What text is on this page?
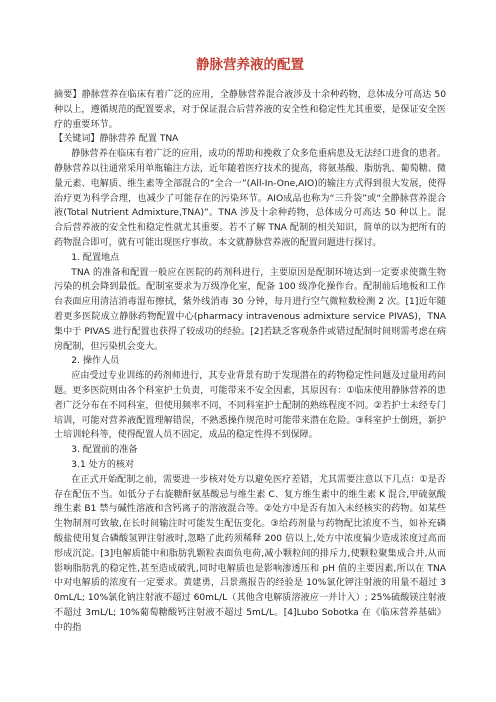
静脉营养液的配置

摘要】静脉营养在临床有着广泛的应用，全静脉营养混合液涉及十余种药物，总体成分可高达 50 种以上，遵循规范的配置要求，对于保证混合后营养液的安全性和稳定性尤其重要，是保证安全医疗的重要环节。

【关键词】静脉营养 配置 TNA

静脉营养在临床有着广泛的应用，成功的帮助和挽救了众多危重病患及无法经口进食的患者。静脉营养以往通常采用单瓶输注方法，近年随着医疗技术的提高，将氨基酸、脂肪乳、葡萄糖、微量元素、电解质、维生素等全部混合的“全合一”(All-In-One,AIO)的输注方式得到很大发展，使得治疗更为科学合理，也减少了可能存在的污染环节。AIO成品也称为“三升袋”或“全静脉营养混合液(Total Nutrient Admixture,TNA)”。TNA 涉及十余种药物，总体成分可高达 50 种以上。混合后营养液的安全性和稳定性就尤其重要。若不了解 TNA 配制的相关知识，简单的以为把所有的药物混合即可，就有可能出现医疗事故。本文就静脉营养液的配置问题进行探讨。

1. 配置地点

TNA 的准备和配置一般应在医院的药剂科进行，主要原因是配制环境达到一定要求使微生物污染的机会降到最低。配制室要求为万级净化室，配备 100 级净化操作台。配制前后地板和工作台表面应用清洁消毒湿布擦拭，紫外线消毒 30 分钟，每月进行空气微粒数检测 2 次。[1]近年随着更多医院成立静脉药物配置中心(pharmacy intravenous admixture service PIVAS)，TNA 集中于 PIVAS 进行配置也获得了较成功的经验。[2]若缺乏客观条件或错过配制时间则需考虑在病房配制，但污染机会变大。

2. 操作人员

应由受过专业训练的药剂师进行，其专业背景有助于发现潜在的药物稳定性问题及过量用药问题。更多医院则由各个科室护士负责，可能带来不安全因素，其原因有：①临床使用静脉营养的患者广泛分布在不同科室，但使用频率不同，不同科室护士配制的熟练程度不同。②若护士未经专门培训，可能对营养液配置理解错误，不熟悉操作规范时可能带来潜在危险。③科室护士倒班，新护士培训轮科等，使得配置人员不固定，成品的稳定性得不到保障。

3. 配置前的准备

3.1 处方的核对

在正式开始配制之前，需要进一步核对处方以避免医疗差错，尤其需要注意以下几点：①是否存在配伍不当。如低分子右旋糖酐氨基酸忌与维生素 C、复方维生素中的维生素 K 混合,甲硫氨酸维生素 B1 禁与碱性溶液和含钙离子的溶液混合等。②处方中是否有加入未经核实的药物。如某些生物制剂可致敏,在长时间输注时可能发生配伍变化。③给药剂量与药物配比浓度不当，如补充磷酸盐使用复合磷酸氢钾注射液时,忽略了此药须稀释 200 倍以上,处方中浓度偏少造成浓度过高而形成沉淀。[3]电解质能中和脂肪乳颗粒表面负电荷,减小颗粒间的排斥力,使颗粒聚集成合并,从而影响脂肪乳的稳定性,甚至造成破乳,同时电解质也是影响渗透压和 pH 值的主要因素,所以在 TNA 中对电解质的浓度有一定要求。黄建勇，吕景燕报告的经验是 10%氯化钾注射液的用量不超过 30mL/L; 10%氯化钠注射液不超过 60mL/L（其他含电解质溶液应一并计入）; 25%硫酸镁注射液不超过 3mL/L; 10%葡萄糖酸钙注射液不超过 5mL/L。[4]Lubo Sobotka 在《临床营养基础》中的指
